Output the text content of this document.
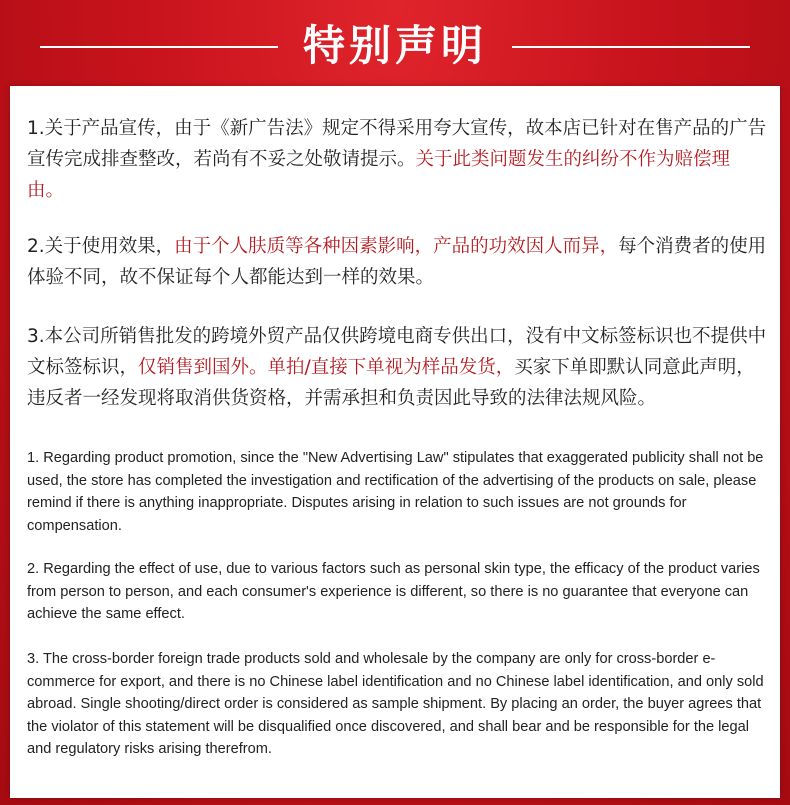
特别声明
1.关于产品宣传，由于《新广告法》规定不得采用夸大宣传，故本店已针对在售产品的广告宣传完成排查整改，若尚有不妥之处敬请提示。关于此类问题发生的纠纷不作为赔偿理由。
2.关于使用效果，由于个人肤质等各种因素影响，产品的功效因人而异，每个消费者的使用体验不同，故不保证每个人都能达到一样的效果。
3.本公司所销售批发的跨境外贸产品仅供跨境电商专供出口，没有中文标签标识也不提供中文标签标识，仅销售到国外。单拍/直接下单视为样品发货，买家下单即默认同意此声明，违反者一经发现将取消供货资格，并需承担和负责因此导致的法律法规风险。
1. Regarding product promotion, since the "New Advertising Law" stipulates that exaggerated publicity shall not be used, the store has completed the investigation and rectification of the advertising of the products on sale, please remind if there is anything inappropriate. Disputes arising in relation to such issues are not grounds for compensation.
2. Regarding the effect of use, due to various factors such as personal skin type, the efficacy of the product varies from person to person, and each consumer's experience is different, so there is no guarantee that everyone can achieve the same effect.
3. The cross-border foreign trade products sold and wholesale by the company are only for cross-border e-commerce for export, and there is no Chinese label identification and no Chinese label identification, and only sold abroad. Single shooting/direct order is considered as sample shipment. By placing an order, the buyer agrees that the violator of this statement will be disqualified once discovered, and shall bear and be responsible for the legal and regulatory risks arising therefrom.
